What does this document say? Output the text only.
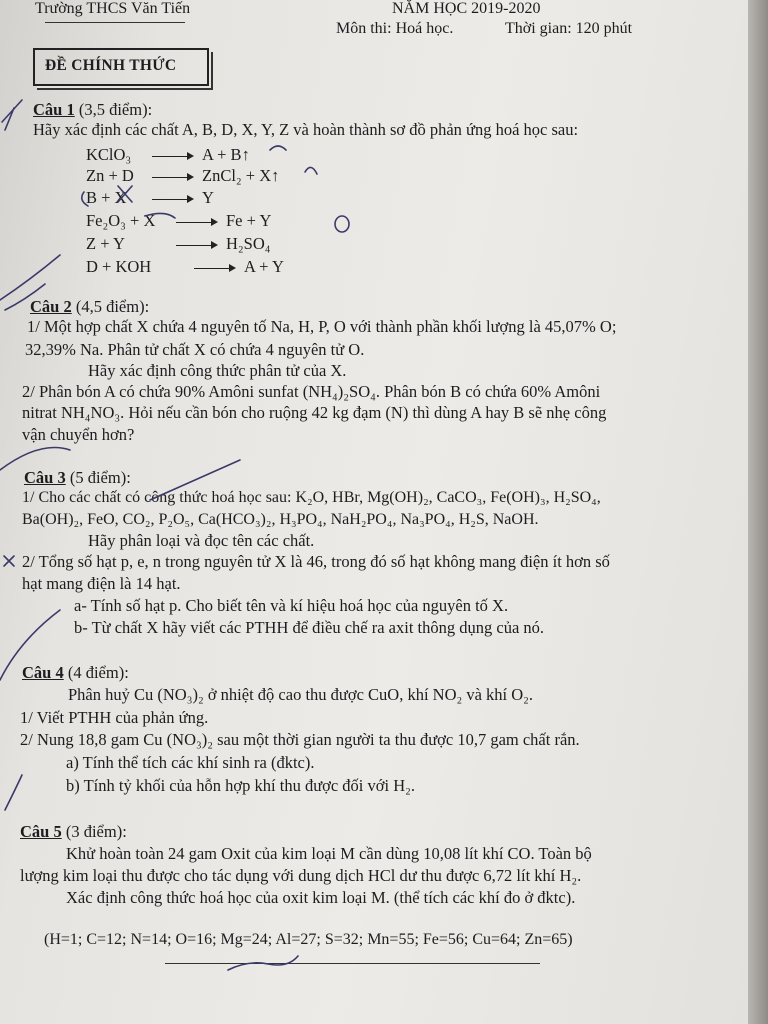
Trường THCS Văn Tiến	NĂM HỌC 2019-2020
Môn thi: Hoá học.	Thời gian: 120 phút
ĐỀ CHÍNH THỨC
Câu 1 (3,5 điểm):
Hãy xác định các chất A, B, D, X, Y, Z và hoàn thành sơ đồ phản ứng hoá học sau:
KClO₃	A + B↑
Zn + D	ZnCl₂ + X↑
B + X	Y
Fe₂O₃ + X	Fe + Y
Z + Y	H₂SO₄
D + KOH	A + Y
Câu 2 (4,5 điểm):
1/ Một hợp chất X chứa 4 nguyên tố Na, H, P, O với thành phần khối lượng là 45,07% O;
32,39% Na. Phân tử chất X có chứa 4 nguyên tử O.
Hãy xác định công thức phân tử của X.
2/ Phân bón A có chứa 90% Amôni sunfat (NH₄)₂SO₄. Phân bón B có chứa 60% Amôni
nitrat NH₄NO₃. Hỏi nếu cần bón cho ruộng 42 kg đạm (N) thì dùng A hay B sẽ nhẹ công
vận chuyển hơn?
Câu 3 (5 điểm):
1/ Cho các chất có công thức hoá học sau: K₂O, HBr, Mg(OH)₂, CaCO₃, Fe(OH)₃, H₂SO₄,
Ba(OH)₂, FeO, CO₂, P₂O₅, Ca(HCO₃)₂, H₃PO₄, NaH₂PO₄, Na₃PO₄, H₂S, NaOH.
Hãy phân loại và đọc tên các chất.
2/ Tổng số hạt p, e, n trong nguyên tử X là 46, trong đó số hạt không mang điện ít hơn số
hạt mang điện là 14 hạt.
a- Tính số hạt p. Cho biết tên và kí hiệu hoá học của nguyên tố X.
b- Từ chất X hãy viết các PTHH để điều chế ra axit thông dụng của nó.
Câu 4 (4 điểm):
Phân huỷ Cu (NO₃)₂ ở nhiệt độ cao thu được CuO, khí NO₂ và khí O₂.
1/ Viết PTHH của phản ứng.
2/ Nung 18,8 gam Cu (NO₃)₂ sau một thời gian người ta thu được 10,7 gam chất rắn.
a) Tính thể tích các khí sinh ra (đktc).
b) Tính tỷ khối của hỗn hợp khí thu được đối với H₂.
Câu 5 (3 điểm):
Khử hoàn toàn 24 gam Oxit của kim loại M cần dùng 10,08 lít khí CO. Toàn bộ
lượng kim loại thu được cho tác dụng với dung dịch HCl dư thu được 6,72 lít khí H₂.
Xác định công thức hoá học của oxit kim loại M. (thể tích các khí đo ở đktc).
(H=1; C=12; N=14; O=16; Mg=24; Al=27; S=32; Mn=55; Fe=56; Cu=64; Zn=65)
